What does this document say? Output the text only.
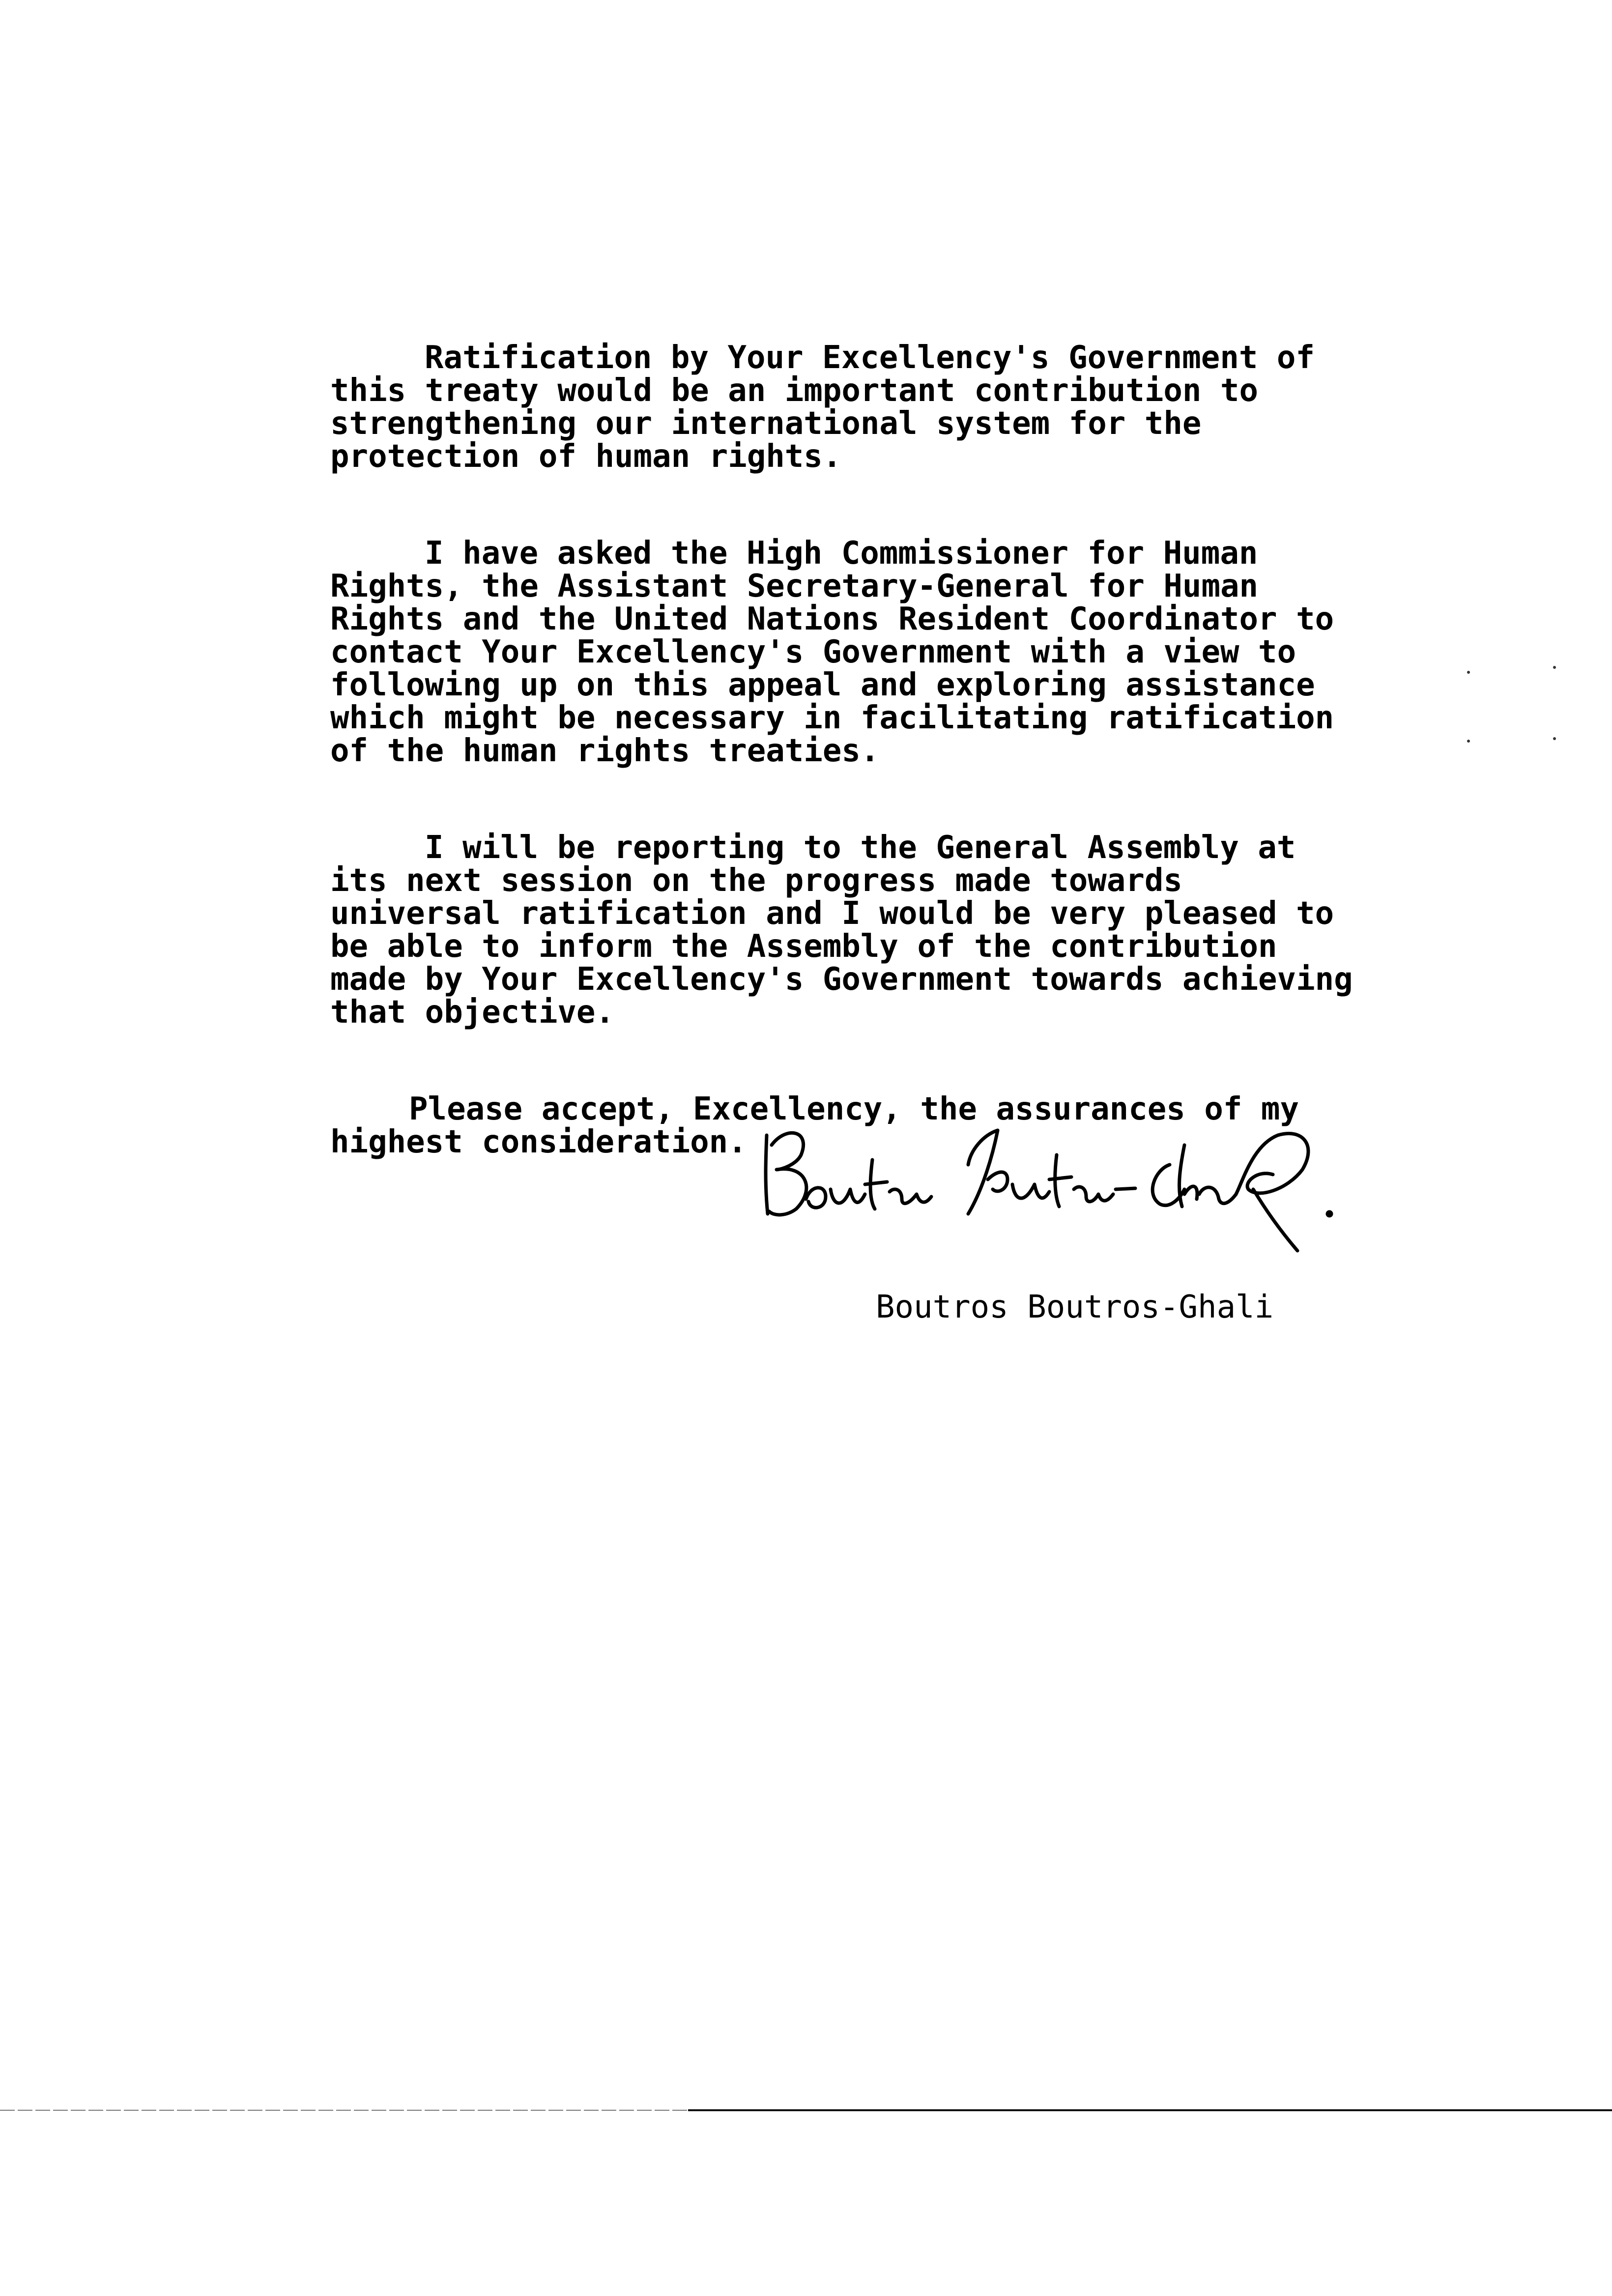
Ratification by Your Excellency's Government of
this treaty would be an important contribution to
strengthening our international system for the
protection of human rights.

I have asked the High Commissioner for Human
Rights, the Assistant Secretary-General for Human
Rights and the United Nations Resident Coordinator to
contact Your Excellency's Government with a view to
following up on this appeal and exploring assistance
which might be necessary in facilitating ratification
of the human rights treaties.

I will be reporting to the General Assembly at
its next session on the progress made towards
universal ratification and I would be very pleased to
be able to inform the Assembly of the contribution
made by Your Excellency's Government towards achieving
that objective.

Please accept, Excellency, the assurances of my
highest consideration.

Boutros Boutros-Ghali
